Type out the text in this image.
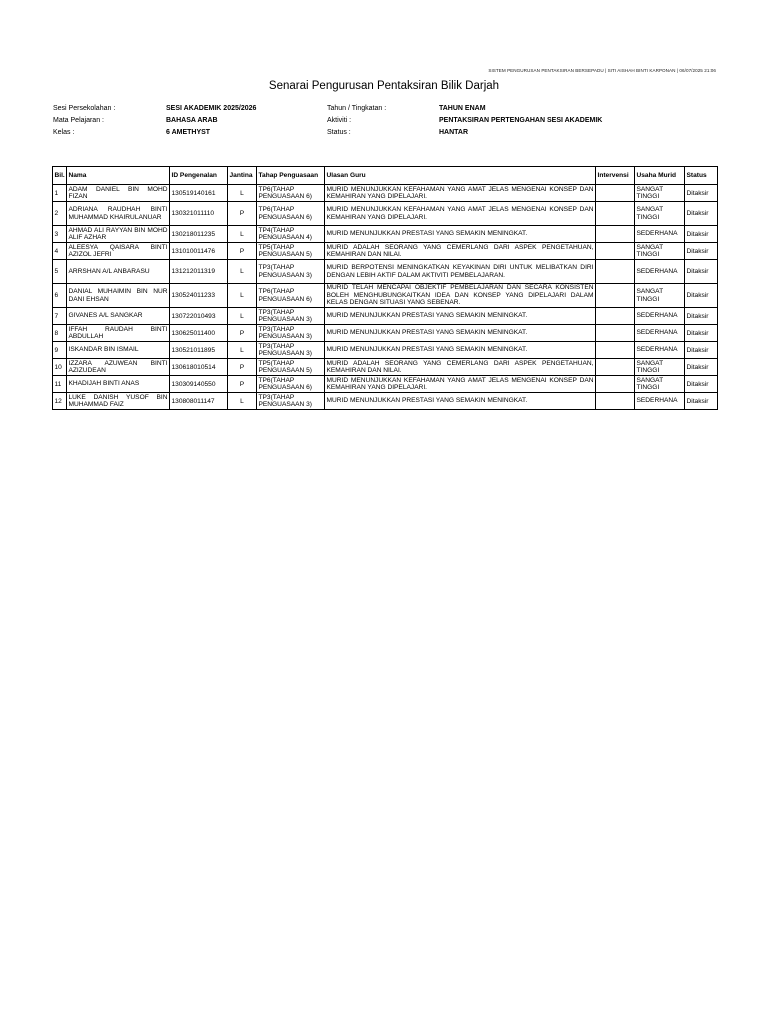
SISTEM PENGURUSAN PENTAKSIRAN BERSEPADU | SITI AISHAH BINTI KARPONAN | 06/07/2025 21:06
Senarai Pengurusan Pentaksiran Bilik Darjah
Sesi Persekolahan :	SESI AKADEMIK 2025/2026
Mata Pelajaran :	BAHASA ARAB
Kelas :	6 AMETHYST
Tahun / Tingkatan :	TAHUN ENAM
Aktiviti :	PENTAKSIRAN PERTENGAHAN SESI AKADEMIK
Status :	HANTAR
Bil.	Nama	ID Pengenalan	Jantina	Tahap Penguasaan	Ulasan Guru	Intervensi	Usaha Murid	Status
1	ADAM DANIEL BIN MOHD FIZAN	130519140161	L	TP6(TAHAP PENGUASAAN 6)	MURID MENUNJUKKAN KEFAHAMAN YANG AMAT JELAS MENGENAI KONSEP DAN KEMAHIRAN YANG DIPELAJARI.		SANGAT TINGGI	Ditaksir
2	ADRIANA RAUDHAH BINTI MUHAMMAD KHAIRULANUAR	130321011110	P	TP6(TAHAP PENGUASAAN 6)	MURID MENUNJUKKAN KEFAHAMAN YANG AMAT JELAS MENGENAI KONSEP DAN KEMAHIRAN YANG DIPELAJARI.		SANGAT TINGGI	Ditaksir
3	AHMAD ALI RAYYAN BIN MOHD ALIF AZHAR	130218011235	L	TP4(TAHAP PENGUASAAN 4)	MURID MENUNJUKKAN PRESTASI YANG SEMAKIN MENINGKAT.		SEDERHANA	Ditaksir
4	ALEESYA QAISARA BINTI AZIZOL JEFRI	131010011476	P	TP5(TAHAP PENGUASAAN 5)	MURID ADALAH SEORANG YANG CEMERLANG DARI ASPEK PENGETAHUAN, KEMAHIRAN DAN NILAI.		SANGAT TINGGI	Ditaksir
5	ARRSHAN A/L ANBARASU	131212011319	L	TP3(TAHAP PENGUASAAN 3)	MURID BERPOTENSI MENINGKATKAN KEYAKINAN DIRI UNTUK MELIBATKAN DIRI DENGAN LEBIH AKTIF DALAM AKTIVITI PEMBELAJARAN.		SEDERHANA	Ditaksir
6	DANIAL MUHAIMIN BIN NUR DANI EHSAN	130524011233	L	TP6(TAHAP PENGUASAAN 6)	MURID TELAH MENCAPAI OBJEKTIF PEMBELAJARAN DAN SECARA KONSISTEN BOLEH MENGHUBUNGKAITKAN IDEA DAN KONSEP YANG DIPELAJARI DALAM KELAS DENGAN SITUASI YANG SEBENAR.		SANGAT TINGGI	Ditaksir
7	GIVANES A/L SANGKAR	130722010493	L	TP3(TAHAP PENGUASAAN 3)	MURID MENUNJUKKAN PRESTASI YANG SEMAKIN MENINGKAT.		SEDERHANA	Ditaksir
8	IFFAH RAUDAH BINTI ABDULLAH	130625011400	P	TP3(TAHAP PENGUASAAN 3)	MURID MENUNJUKKAN PRESTASI YANG SEMAKIN MENINGKAT.		SEDERHANA	Ditaksir
9	ISKANDAR BIN ISMAIL	130521011895	L	TP3(TAHAP PENGUASAAN 3)	MURID MENUNJUKKAN PRESTASI YANG SEMAKIN MENINGKAT.		SEDERHANA	Ditaksir
10	IZZARA AZUWEAN BINTI AZIZUDEAN	130618010514	P	TP5(TAHAP PENGUASAAN 5)	MURID ADALAH SEORANG YANG CEMERLANG DARI ASPEK PENGETAHUAN, KEMAHIRAN DAN NILAI.		SANGAT TINGGI	Ditaksir
11	KHADIJAH BINTI ANAS	130309140550	P	TP6(TAHAP PENGUASAAN 6)	MURID MENUNJUKKAN KEFAHAMAN YANG AMAT JELAS MENGENAI KONSEP DAN KEMAHIRAN YANG DIPELAJARI.		SANGAT TINGGI	Ditaksir
12	LUKE DANISH YUSOF BIN MUHAMMAD FAIZ	130808011147	L	TP3(TAHAP PENGUASAAN 3)	MURID MENUNJUKKAN PRESTASI YANG SEMAKIN MENINGKAT.		SEDERHANA	Ditaksir
